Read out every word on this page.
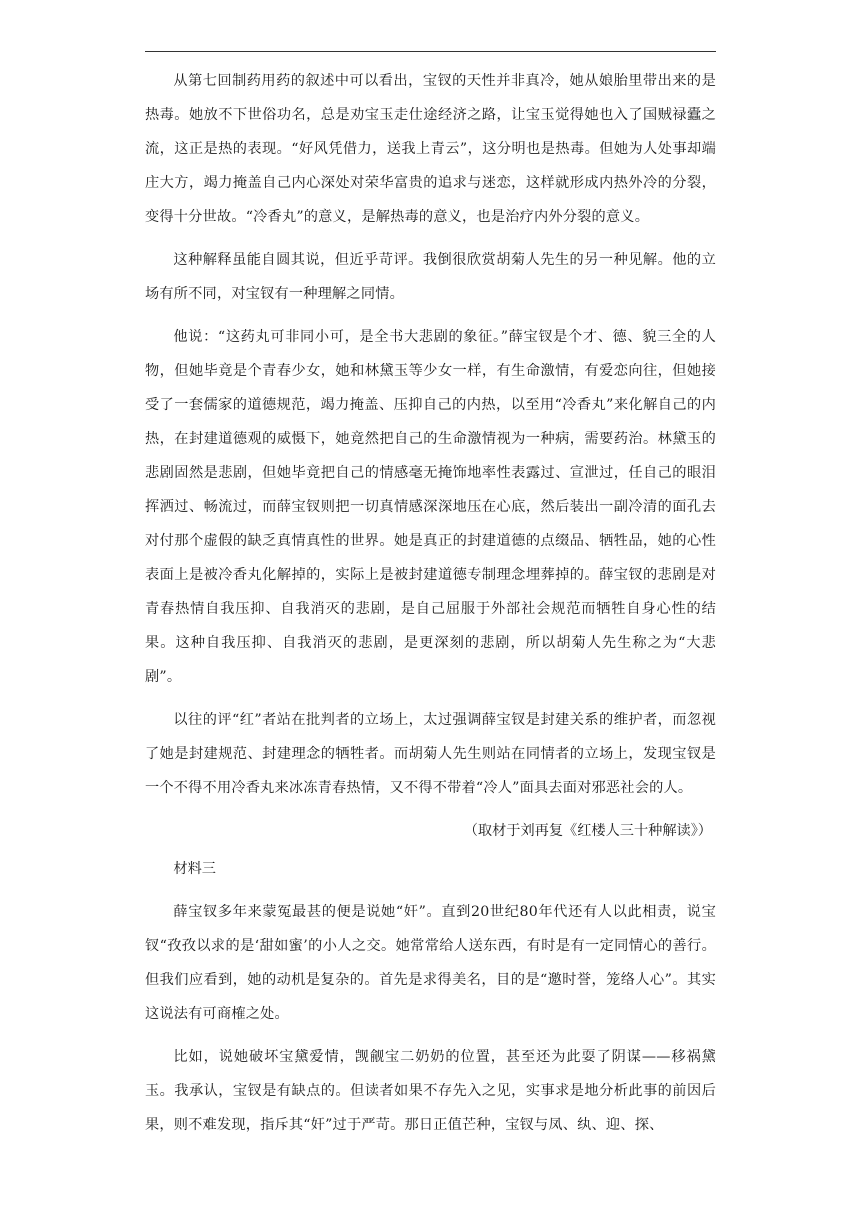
从第七回制药用药的叙述中可以看出，宝钗的天性并非真冷，她从娘胎里带出来的是热毒。她放不下世俗功名，总是劝宝玉走仕途经济之路，让宝玉觉得她也入了国贼禄蠹之流，这正是热的表现。“好风凭借力，送我上青云”，这分明也是热毒。但她为人处事却端庄大方，竭力掩盖自己内心深处对荣华富贵的追求与迷恋，这样就形成内热外冷的分裂，变得十分世故。“冷香丸”的意义，是解热毒的意义，也是治疗内外分裂的意义。

这种解释虽能自圆其说，但近乎苛评。我倒很欣赏胡菊人先生的另一种见解。他的立场有所不同，对宝钗有一种理解之同情。

他说：“这药丸可非同小可，是全书大悲剧的象征。”薛宝钗是个才、德、貌三全的人物，但她毕竟是个青春少女，她和林黛玉等少女一样，有生命激情，有爱恋向往，但她接受了一套儒家的道德规范，竭力掩盖、压抑自己的内热，以至用“冷香丸”来化解自己的内热，在封建道德观的威慑下，她竟然把自己的生命激情视为一种病，需要药治。林黛玉的悲剧固然是悲剧，但她毕竟把自己的情感毫无掩饰地率性表露过、宣泄过，任自己的眼泪挥洒过、畅流过，而薛宝钗则把一切真情感深深地压在心底，然后装出一副冷清的面孔去对付那个虚假的缺乏真情真性的世界。她是真正的封建道德的点缀品、牺牲品，她的心性表面上是被冷香丸化解掉的，实际上是被封建道德专制理念埋葬掉的。薛宝钗的悲剧是对青春热情自我压抑、自我消灭的悲剧，是自己屈服于外部社会规范而牺牲自身心性的结果。这种自我压抑、自我消灭的悲剧，是更深刻的悲剧，所以胡菊人先生称之为“大悲剧”。

以往的评“红”者站在批判者的立场上，太过强调薛宝钗是封建关系的维护者，而忽视了她是封建规范、封建理念的牺牲者。而胡菊人先生则站在同情者的立场上，发现宝钗是一个不得不用冷香丸来冰冻青春热情，又不得不带着“冷人”面具去面对邪恶社会的人。

（取材于刘再复《红楼人三十种解读》）

材料三

薛宝钗多年来蒙冤最甚的便是说她“奸”。直到20世纪80年代还有人以此相责，说宝钗“孜孜以求的是‘甜如蜜’的小人之交。她常常给人送东西，有时是有一定同情心的善行。但我们应看到，她的动机是复杂的。首先是求得美名，目的是“邀时誉，笼络人心”。其实这说法有可商榷之处。

比如，说她破坏宝黛爱情，觊觎宝二奶奶的位置，甚至还为此耍了阴谋——移祸黛玉。我承认，宝钗是有缺点的。但读者如果不存先入之见，实事求是地分析此事的前因后果，则不难发现，指斥其“奸”过于严苛。那日正值芒种，宝钗与凤、纨、迎、探、
